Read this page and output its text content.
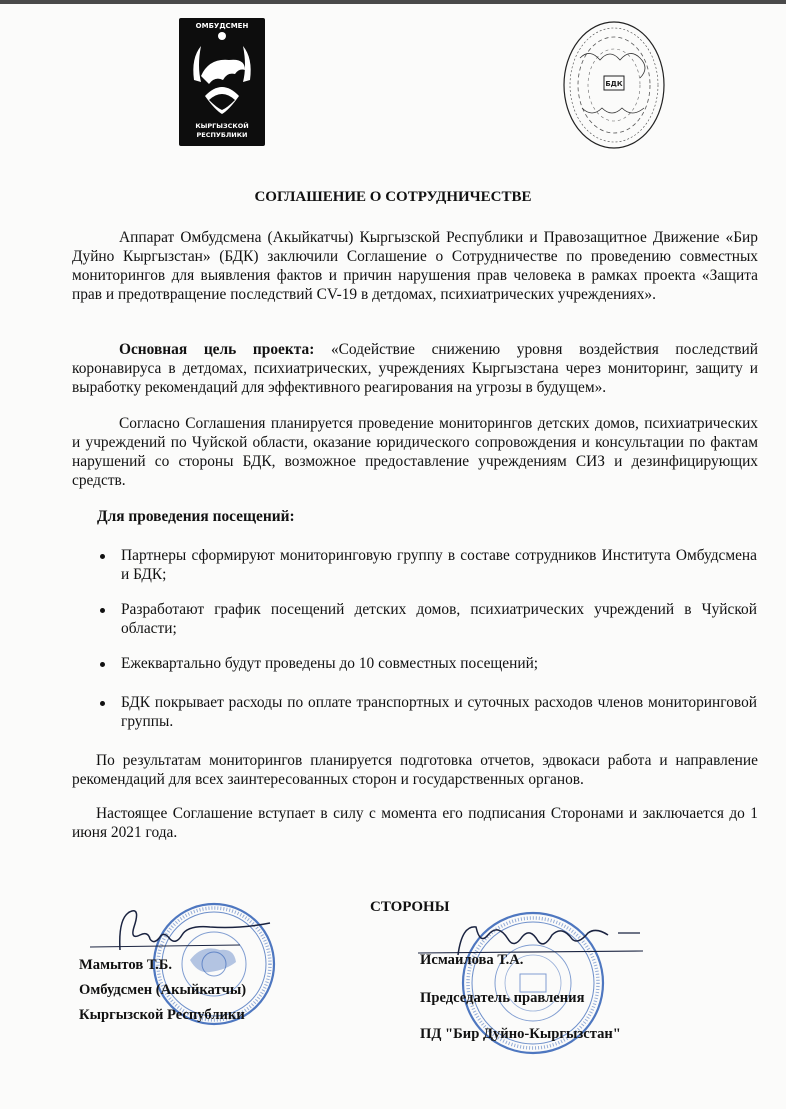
ОМБУДСМЕН
КЫРГЫЗСКОЙ
РЕСПУБЛИКИ
БДК
СОГЛАШЕНИЕ О СОТРУДНИЧЕСТВЕ
Аппарат Омбудсмена (Акыйкатчы) Кыргызской Республики и Правозащитное Движение «Бир Дуйно Кыргызстан» (БДК) заключили Соглашение о Сотрудничестве по проведению совместных мониторингов для выявления фактов и причин нарушения прав человека в рамках проекта «Защита прав и предотвращение последствий CV-19 в детдомах, психиатрических учреждениях».
Основная цель проекта: «Содействие снижению уровня воздействия последствий коронавируса в детдомах, психиатрических, учреждениях Кыргызстана через мониторинг, защиту и выработку рекомендаций для эффективного реагирования на угрозы в будущем».
Согласно Соглашения планируется проведение мониторингов детских домов, психиатрических и учреждений по Чуйской области, оказание юридического сопровождения и консультации по фактам нарушений со стороны БДК, возможное предоставление учреждениям СИЗ и дезинфицирующих средств.
Для проведения посещений:
Партнеры сформируют мониторинговую группу в составе сотрудников Института Омбудсмена и БДК;
Разработают график посещений детских домов, психиатрических учреждений в Чуйской области;
Ежеквартально будут проведены до 10 совместных посещений;
БДК покрывает расходы по оплате транспортных и суточных расходов членов мониторинговой группы.
По результатам мониторингов планируется подготовка отчетов, эдвокаси работа и направление рекомендаций для всех заинтересованных сторон и государственных органов.
Настоящее Соглашение вступает в силу с момента его подписания Сторонами и заключается до 1 июня 2021 года.
СТОРОНЫ
Мамытов Т.Б.
Омбудсмен (Акыйкатчы)
Кыргызской Республики
Исмаилова Т.А.
Председатель правления
ПД "Бир Дуйно-Кыргызстан"
